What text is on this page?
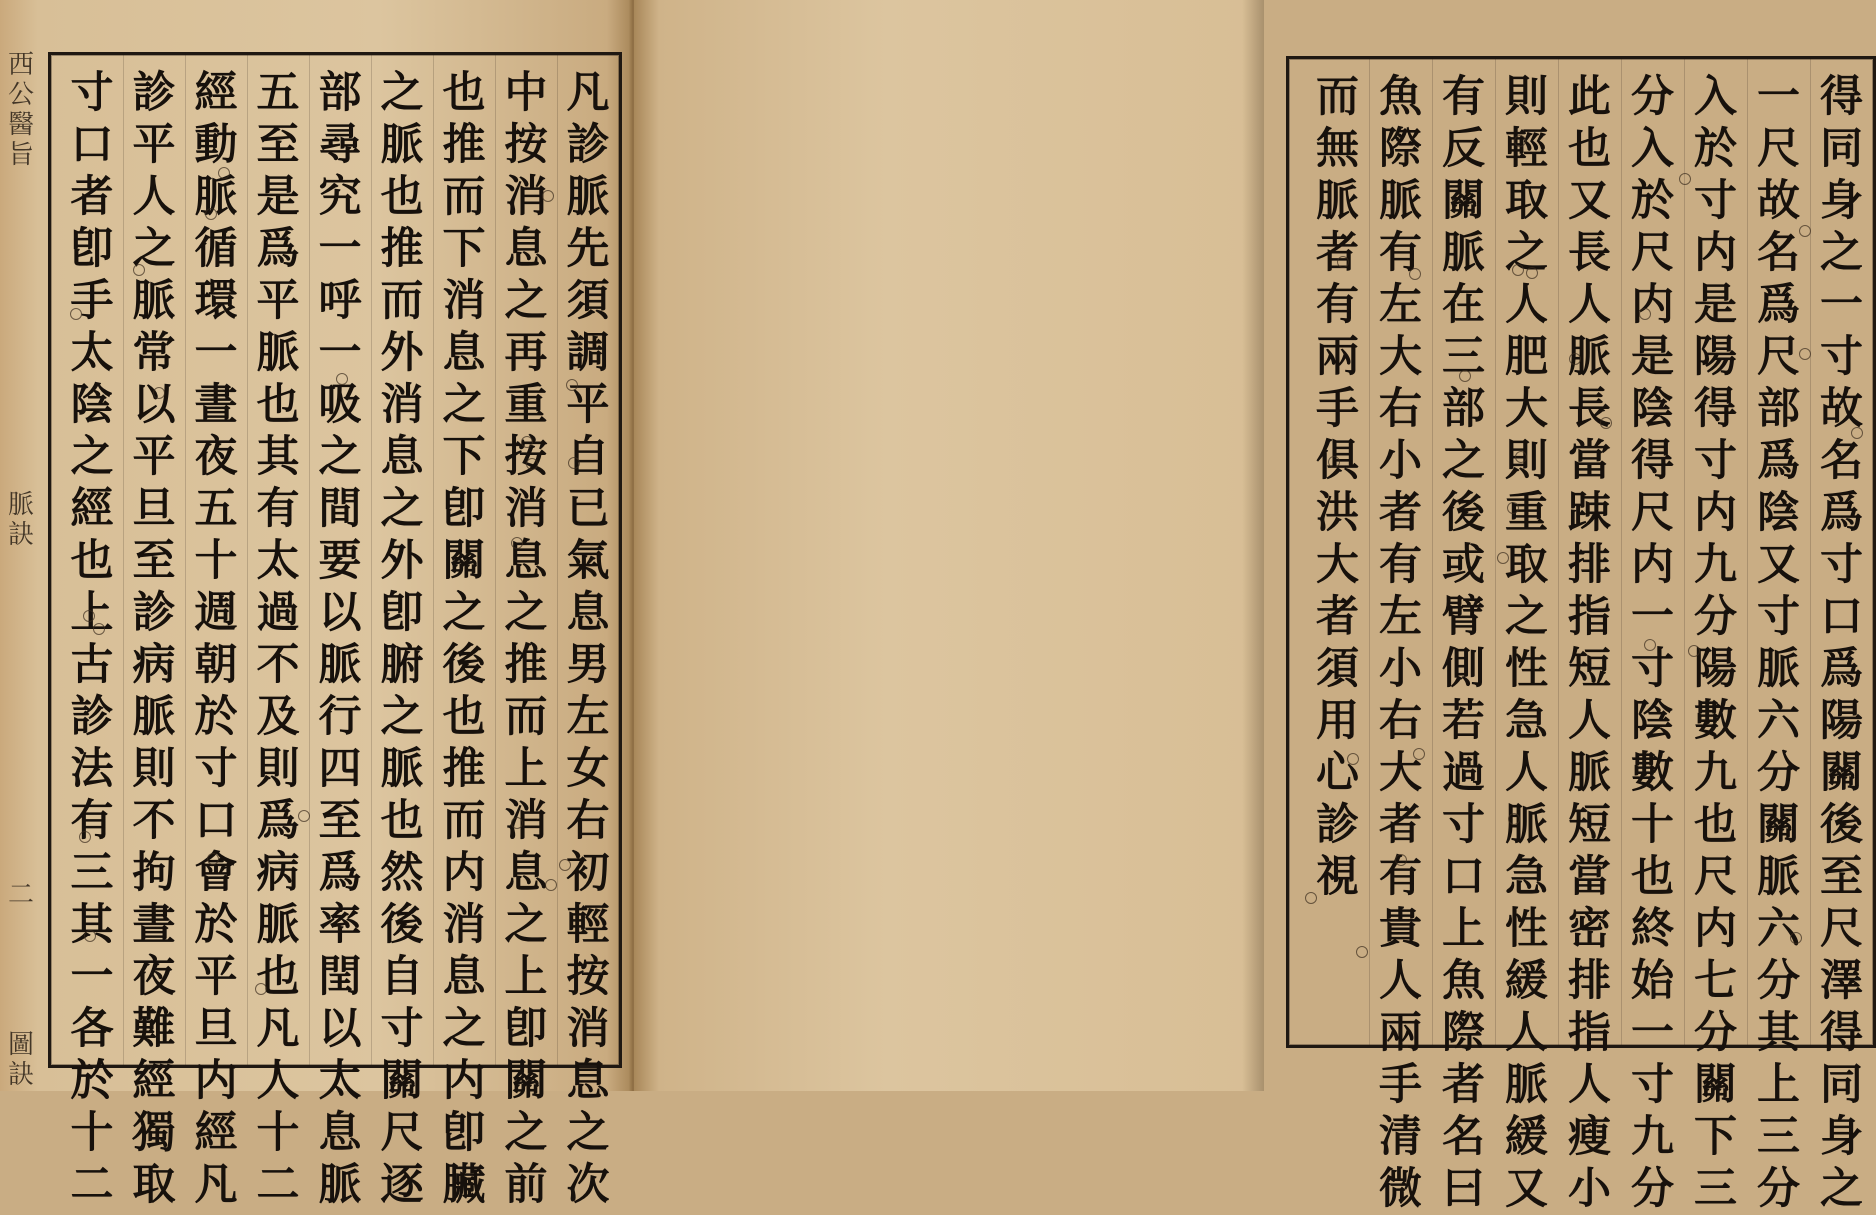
西
公
醫
旨
脈
訣
二
圖
訣
凡
診
脈
先
須
調
平
自
已
氣
息
男
左
女
右
初
輕
按
消
息
之
次
中
按
消
息
之
再
重
按
消
息
之
推
而
上
消
息
之
上
卽
關
之
前
也
推
而
下
消
息
之
下
卽
關
之
後
也
推
而
内
消
息
之
内
卽
臟
之
脈
也
推
而
外
消
息
之
外
卽
腑
之
脈
也
然
後
自
寸
關
尺
逐
部
尋
究
一
呼
一
吸
之
間
要
以
脈
行
四
至
爲
率
閏
以
太
息
脈
五
至
是
爲
平
脈
也
其
有
太
過
不
及
則
爲
病
脈
也
凡
人
十
二
經
動
脈
循
環
一
晝
夜
五
十
週
朝
於
寸
口
會
於
平
旦
内
經
凡
診
平
人
之
脈
常
以
平
旦
至
診
病
脈
則
不
拘
晝
夜
難
經
獨
取
寸
口
者
卽
手
太
陰
之
經
也
上
古
診
法
有
三
其
一
各
於
十
二
得
同
身
之
一
寸
故
名
爲
寸
口
爲
陽
關
後
至
尺
澤
得
同
身
之
一
尺
故
名
爲
尺
部
爲
陰
又
寸
脈
六
分
關
脈
六
分
其
上
三
分
入
於
寸
内
是
陽
得
寸
内
九
分
陽
數
九
也
尺
内
七
分
關
下
三
分
入
於
尺
内
是
陰
得
尺
内
一
寸
陰
數
十
也
終
始
一
寸
九
分
此
也
又
長
人
脈
長
當
踈
排
指
短
人
脈
短
當
密
排
指
人
瘦
小
則
輕
取
之
人
肥
大
則
重
取
之
性
急
人
脈
急
性
緩
人
脈
緩
又
有
反
關
脈
在
三
部
之
後
或
臂
側
若
過
寸
口
上
魚
際
者
名
曰
魚
際
脈
有
左
大
右
小
者
有
左
小
右
大
者
有
貴
人
兩
手
清
微
而
無
脈
者
有
兩
手
俱
洪
大
者
須
用
心
診
視
